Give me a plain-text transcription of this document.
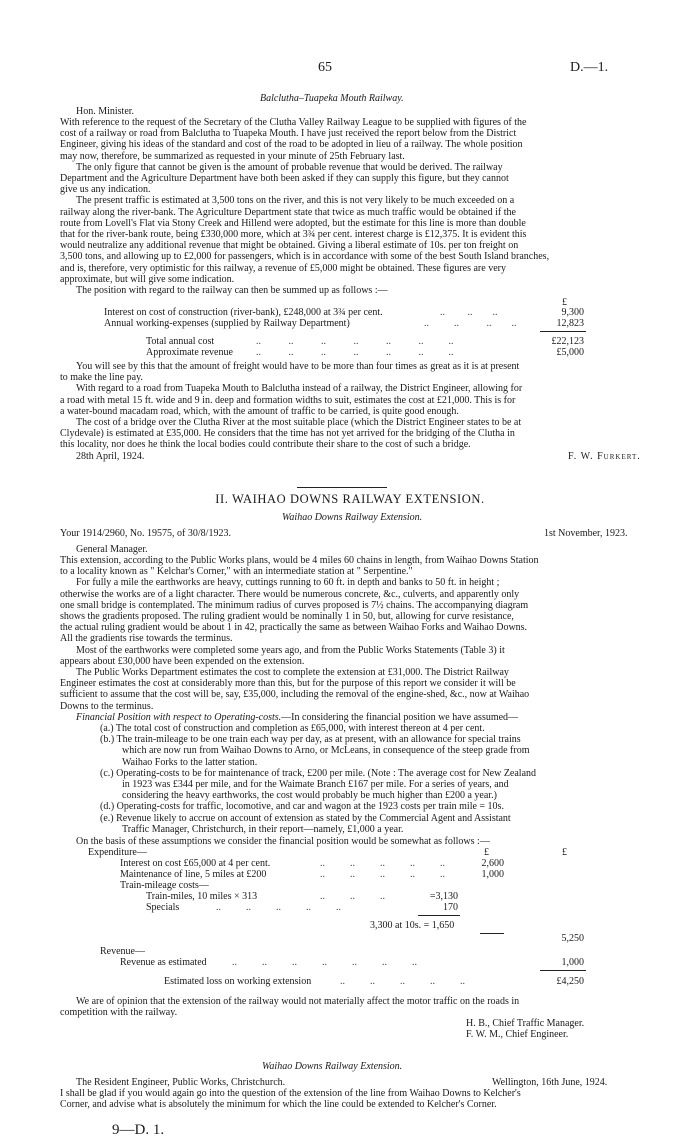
65	D.—1.
Balclutha–Tuapeka Mouth Railway.
Hon. Minister.
With reference to the request of the Secretary of the Clutha Valley Railway League to be supplied with figures of the
cost of a railway or road from Balclutha to Tuapeka Mouth. I have just received the report below from the District
Engineer, giving his ideas of the standard and cost of the road to be adopted in lieu of a railway. The whole position
may now, therefore, be summarized as requested in your minute of 25th February last.
The only figure that cannot be given is the amount of probable revenue that would be derived. The railway
Department and the Agriculture Department have both been asked if they can supply this figure, but they cannot
give us any indication.
The present traffic is estimated at 3,500 tons on the river, and this is not very likely to be much exceeded on a
railway along the river-bank. The Agriculture Department state that twice as much traffic would be obtained if the
route from Lovell's Flat via Stony Creek and Hillend were adopted, but the estimate for this line is more than double
that for the river-bank route, being £330,000 more, which at 3¾ per cent. interest charge is £12,375. It is evident this
would neutralize any additional revenue that might be obtained. Giving a liberal estimate of 10s. per ton freight on
3,500 tons, and allowing up to £2,000 for passengers, which is in accordance with some of the best South Island branches,
and is, therefore, very optimistic for this railway, a revenue of £5,000 might be obtained. These figures are very
approximate, but will give some indication.
The position with regard to the railway can then be summed up as follows :—
£
Interest on cost of construction (river-bank), £248,000 at 3¾ per cent.	..         ..        ..	9,300
Annual working-expenses (supplied by Railway Department)	..          ..           ..        ..	12,823
Total annual cost	..           ..           ..           ..           ..           ..          ..	£22,123
Approximate revenue ..           ..           ..           ..           ..           ..          ..	£5,000
You will see by this that the amount of freight would have to be more than four times as great as it is at present
to make the line pay.
With regard to a road from Tuapeka Mouth to Balclutha instead of a railway, the District Engineer, allowing for
a road with metal 15 ft. wide and 9 in. deep and formation widths to suit, estimates the cost at £21,000. This is for
a water-bound macadam road, which, with the amount of traffic to be carried, is quite good enough.
The cost of a bridge over the Clutha River at the most suitable place (which the District Engineer states to be at
Clydevale) is estimated at £35,000. He considers that the time has not yet arrived for the bridging of the Clutha in
this locality, nor does he think the local bodies could contribute their share to the cost of such a bridge.
28th April, 1924.	F. W. Furkert.
II. WAIHAO DOWNS RAILWAY EXTENSION.
Waihao Downs Railway Extension.
Your 1914/2960, No. 19575, of 30/8/1923.	1st November, 1923.
General Manager.
This extension, according to the Public Works plans, would be 4 miles 60 chains in length, from Waihao Downs Station
to a locality known as " Kelchar's Corner," with an intermediate station at " Serpentine."
For fully a mile the earthworks are heavy, cuttings running to 60 ft. in depth and banks to 50 ft. in height ;
otherwise the works are of a light character. There would be numerous concrete, &c., culverts, and apparently only
one small bridge is contemplated. The minimum radius of curves proposed is 7½ chains. The accompanying diagram
shows the gradients proposed. The ruling gradient would be nominally 1 in 50, but, allowing for curve resistance,
the actual ruling gradient would be about 1 in 42, practically the same as between Waihao Forks and Waihao Downs.
All the gradients rise towards the terminus.
Most of the earthworks were completed some years ago, and from the Public Works Statements (Table 3) it
appears about £30,000 have been expended on the extension.
The Public Works Department estimates the cost to complete the extension at £31,000. The District Railway
Engineer estimates the cost at considerably more than this, but for the purpose of this report we consider it will be
sufficient to assume that the cost will be, say, £35,000, including the removal of the engine-shed, &c., now at Waihao
Downs to the terminus.
Financial Position with respect to Operating-costs.—In considering the financial position we have assumed—
(a.) The total cost of construction and completion as £65,000, with interest thereon at 4 per cent.
(b.) The train-mileage to be one train each way per day, as at present, with an allowance for special trains
which are now run from Waihao Downs to Arno, or McLeans, in consequence of the steep grade from
Waihao Forks to the latter station.
(c.) Operating-costs to be for maintenance of track, £200 per mile. (Note : The average cost for New Zealand
in 1923 was £344 per mile, and for the Waimate Branch £167 per mile. For a series of years, and
considering the heavy earthworks, the cost would probably be much higher than £200 a year.)
(d.) Operating-costs for traffic, locomotive, and car and wagon at the 1923 costs per train mile = 10s.
(e.) Revenue likely to accrue on account of extension as stated by the Commercial Agent and Assistant
Traffic Manager, Christchurch, in their report—namely, £1,000 a year.
On the basis of these assumptions we consider the financial position would be somewhat as follows :—
Expenditure—	£	£
Interest on cost £65,000 at 4 per cent.	..          ..          ..          ..          ..	2,600
Maintenance of line, 5 miles at £200	..          ..          ..          ..          ..	1,000
Train-mileage costs—
Train-miles, 10 miles × 313	..          ..          ..	=3,130
Specials	..          ..          ..          ..          ..	170
3,300 at 10s. = 1,650
5,250
Revenue—
Revenue as estimated	..          ..          ..          ..          ..          ..          ..	1,000
Estimated loss on working extension	..          ..          ..          ..          ..	£4,250
We are of opinion that the extension of the railway would not materially affect the motor traffic on the roads in
competition with the railway.
H. B., Chief Traffic Manager.
F. W. M., Chief Engineer.
Waihao Downs Railway Extension.
The Resident Engineer, Public Works, Christchurch.	Wellington, 16th June, 1924.
I shall be glad if you would again go into the question of the extension of the line from Waihao Downs to Kelcher's
Corner, and advise what is absolutely the minimum for which the line could be extended to Kelcher's Corner.
9—D. 1.
